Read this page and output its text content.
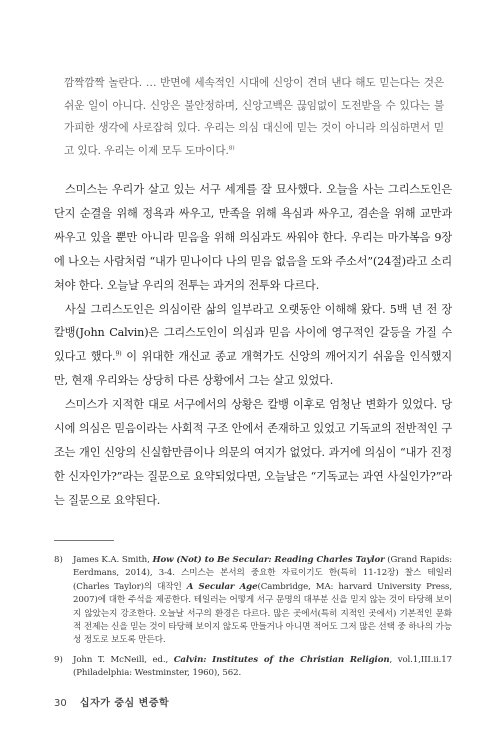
깜짝깜짝 놀란다. … 반면에 세속적인 시대에 신앙이 견뎌 낸다 해도 믿는다는 것은 쉬운 일이 아니다. 신앙은 불안정하며, 신앙고백은 끊임없이 도전받을 수 있다는 불가피한 생각에 사로잡혀 있다. 우리는 의심 대신에 믿는 것이 아니라 의심하면서 믿고 있다. 우리는 이제 모두 도마이다.$^{8)}$

스미스는 우리가 살고 있는 서구 세계를 잘 묘사했다. 오늘을 사는 그리스도인은 단지 순결을 위해 정욕과 싸우고, 만족을 위해 욕심과 싸우고, 겸손을 위해 교만과 싸우고 있을 뿐만 아니라 믿음을 위해 의심과도 싸워야 한다. 우리는 마가복음 9장에 나오는 사람처럼 “내가 믿나이다 나의 믿음 없음을 도와 주소서”(24절)라고 소리쳐야 한다. 오늘날 우리의 전투는 과거의 전투와 다르다.

사실 그리스도인은 의심이란 삶의 일부라고 오랫동안 이해해 왔다. 5백 년 전 장 칼뱅(John Calvin)은 그리스도인이 의심과 믿음 사이에 영구적인 갈등을 가질 수 있다고 했다.$^{9)}$ 이 위대한 개신교 종교 개혁가도 신앙의 깨어지기 쉬움을 인식했지만, 현재 우리와는 상당히 다른 상황에서 그는 살고 있었다.

스미스가 지적한 대로 서구에서의 상황은 칼뱅 이후로 엄청난 변화가 있었다. 당시에 의심은 믿음이라는 사회적 구조 안에서 존재하고 있었고 기독교의 전반적인 구조는 개인 신앙의 신실함만큼이나 의문의 여지가 없었다. 과거에 의심이 “내가 진정한 신자인가?”라는 질문으로 요약되었다면, 오늘날은 “기독교는 과연 사실인가?”라는 질문으로 요약된다.

8)	James K.A. Smith, How (Not) to Be Secular: Reading Charles Taylor (Grand Rapids: Eerdmans, 2014), 3-4. 스미스는 본서의 중요한 자료이기도 한(특히 11-12장) 찰스 테일러(Charles Taylor)의 대작인 A Secular Age(Cambridge, MA: harvard University Press, 2007)에 대한 주석을 제공한다. 테일러는 어떻게 서구 문명의 대부분 신을 믿지 않는 것이 타당해 보이지 않았는지 강조한다. 오늘날 서구의 환경은 다르다. 많은 곳에서(특히 지적인 곳에서) 기본적인 문화적 전제는 신을 믿는 것이 타당해 보이지 않도록 만들거나 아니면 적어도 그저 많은 선택 중 하나의 가능성 정도로 보도록 만든다.
9)	John T. McNeill, ed., Calvin: Institutes of the Christian Religion, vol.1,III.ii.17 (Philadelphia: Westminster, 1960), 562.
30 십자가 중심 변증학
